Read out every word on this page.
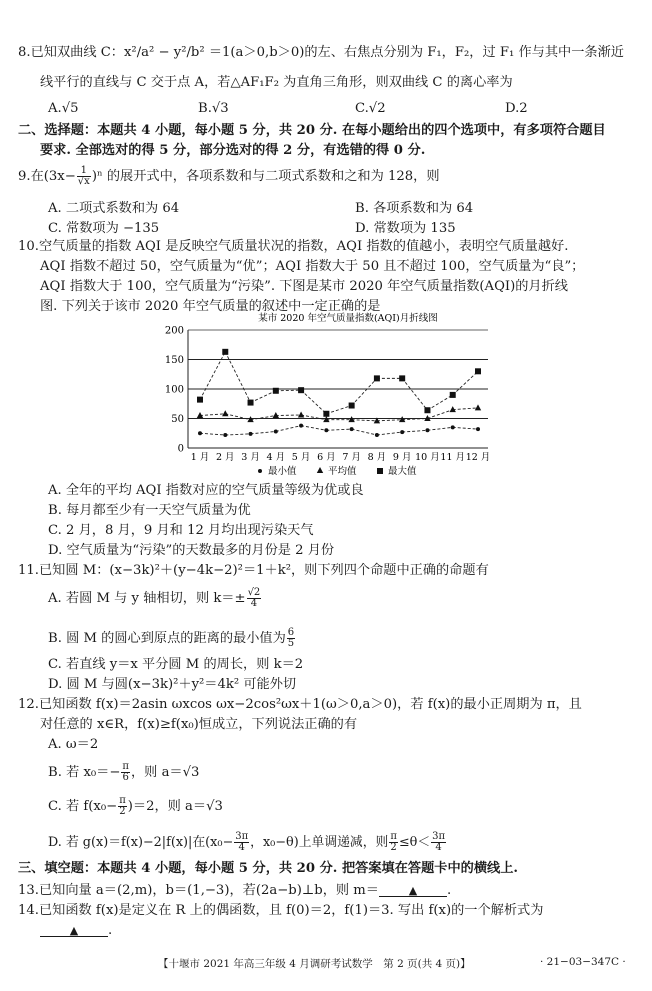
8.已知双曲线 C：x²/a² − y²/b² ＝1(a＞0,b＞0)的左、右焦点分别为 F₁，F₂，过 F₁ 作与其中一条渐近
线平行的直线与 C 交于点 A，若△AF₁F₂ 为直角三角形，则双曲线 C 的离心率为
A.√5	B.√3	C.√2	D.2
二、选择题：本题共 4 小题，每小题 5 分，共 20 分. 在每小题给出的四个选项中，有多项符合题目
要求. 全部选对的得 5 分，部分选对的得 2 分，有选错的得 0 分.
9.在$(3x- \frac{1}{√x} )^n$ 的展开式中，各项系数和与二项式系数和之和为 128，则
A. 二项式系数和为 64	B. 各项系数和为 64
C. 常数项为 −135	D. 常数项为 135
10.空气质量的指数 AQI 是反映空气质量状况的指数，AQI 指数的值越小，表明空气质量越好.
AQI 指数不超过 50，空气质量为“优”；AQI 指数大于 50 且不超过 100，空气质量为“良”；
AQI 指数大于 100，空气质量为“污染”. 下图是某市 2020 年空气质量指数(AQI)的月折线
图. 下列关于该市 2020 年空气质量的叙述中一定正确的是
某市 2020 年空气质量指数(AQI)月折线图
0
50
100
150
200
1 月 2 月 3 月 4 月 5 月 6 月 7 月 8 月 9 月 10 月 11 月 12 月
最小值	平均值	最大值
A. 全年的平均 AQI 指数对应的空气质量等级为优或良
B. 每月都至少有一天空气质量为优
C. 2 月，8 月，9 月和 12 月均出现污染天气
D. 空气质量为“污染”的天数最多的月份是 2 月份
11.已知圆 M：(x−3k)²＋(y−4k−2)²＝1＋k²，则下列四个命题中正确的命题有
A. 若圆 M 与 y 轴相切，则 $k=\pm \frac{√2}{4}$
B. 圆 M 的圆心到原点的距离的最小值为 $\frac{6}{5}$
C. 若直线 y＝x 平分圆 M 的周长，则 k＝2
D. 圆 M 与圆(x−3k)²＋y²＝4k² 可能外切
12.已知函数 f(x)＝2asin ωxcos ωx−2cos²ωx＋1(ω＞0,a＞0)，若 f(x)的最小正周期为 π，且
对任意的 x∈R，f(x)≥f(x₀)恒成立，下列说法正确的有
A. ω＝2
B. 若 $x_0=- \frac{\pi}{6}$ ，则 a＝√3
C. 若 $f(x_0- \frac{\pi}{2} )=2$，则 a＝√3
D. 若 g(x)＝f(x)−2|f(x)|在($x_0- \frac{3\pi}{4}$ ，x₀−θ)上单调递减，则 $\frac{\pi}{2} \le\theta< \frac{3\pi}{4}$
三、填空题：本题共 4 小题，每小题 5 分，共 20 分. 把答案填在答题卡中的横线上.
13.已知向量 a＝(2,m)，b＝(1,−3)，若(2a−b)⊥b，则 m＝	▲ .
14.已知函数 f(x)是定义在 R 上的偶函数，且 f(0)＝2，f(1)＝3. 写出 f(x)的一个解析式为
▲ .
【十堰市 2021 年高三年级 4 月调研考试数学　第 2 页(共 4 页)】	· 21−03−347C ·
